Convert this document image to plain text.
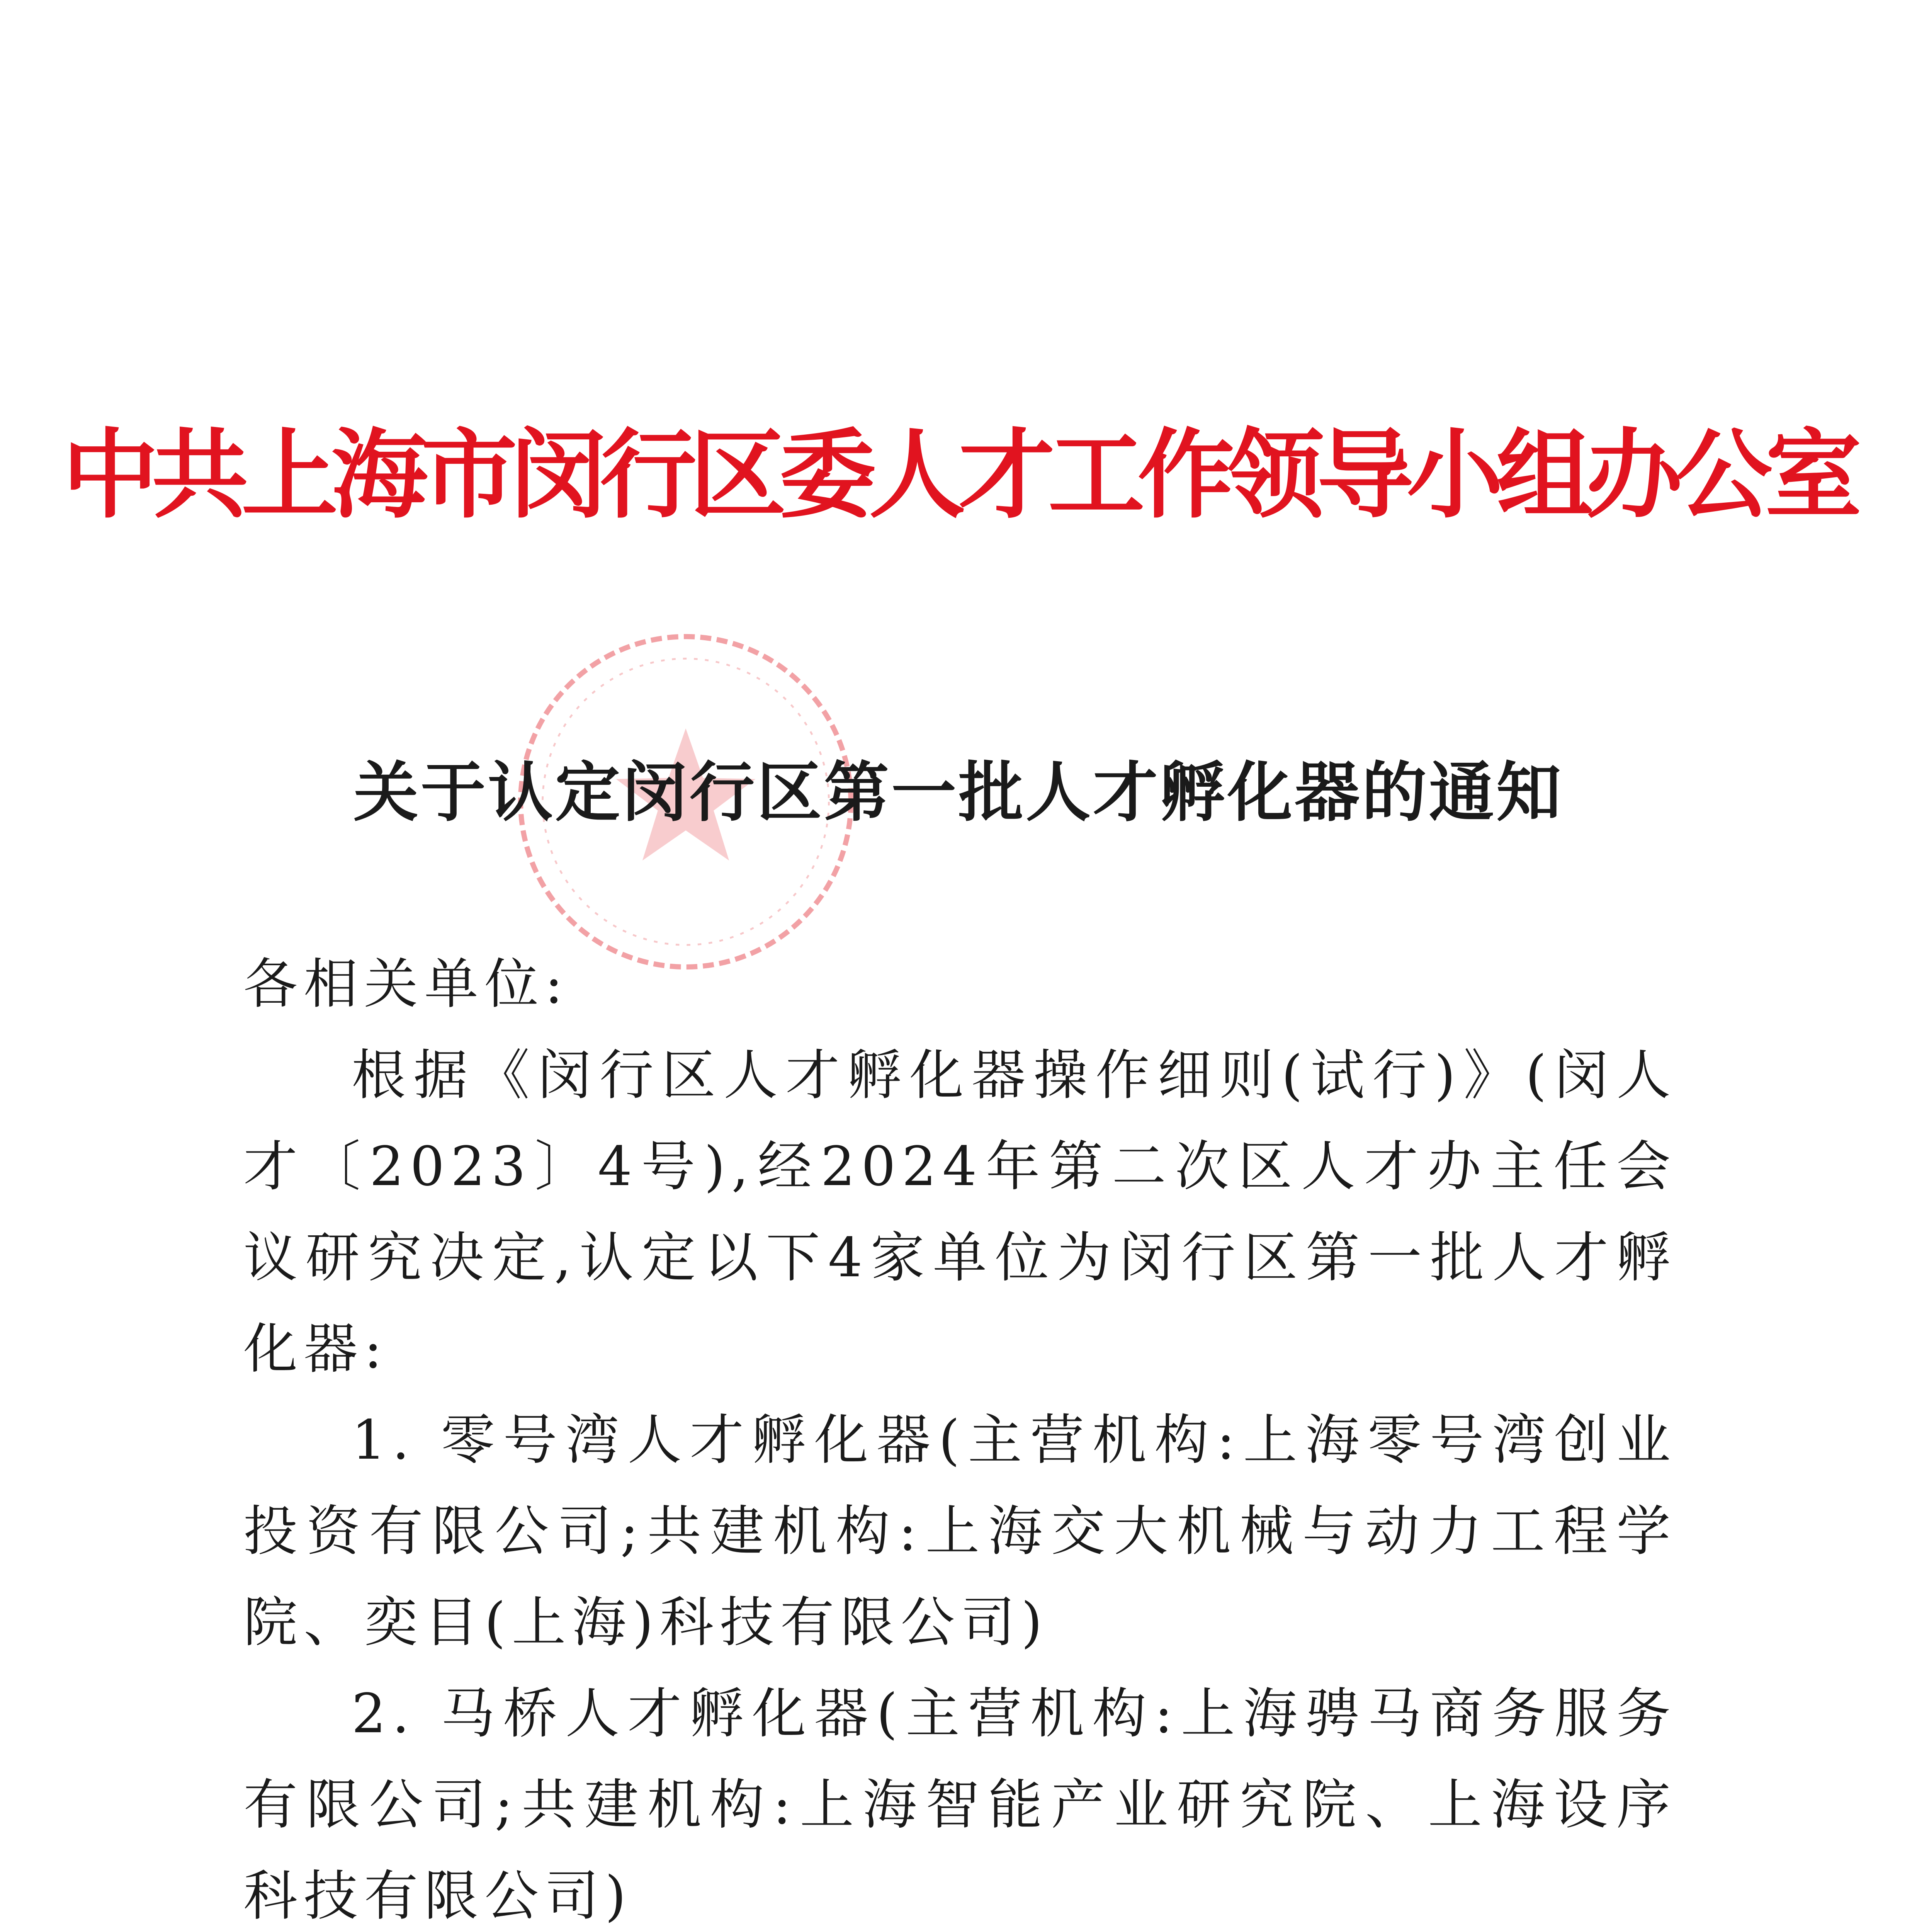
中共上海市闵行区委人才工作领导小组办公室
关于认定闵行区第一批人才孵化器的通知

各相关单位:

根据《闵行区人才孵化器操作细则(试行)》(闵人才〔2023〕4号),经2024年第二次区人才办主任会议研究决定,认定以下4家单位为闵行区第一批人才孵化器:

1. 零号湾人才孵化器(主营机构:上海零号湾创业投资有限公司;共建机构:上海交大机械与动力工程学院、奕目(上海)科技有限公司)

2. 马桥人才孵化器(主营机构:上海骋马商务服务有限公司;共建机构:上海智能产业研究院、上海设序科技有限公司)
